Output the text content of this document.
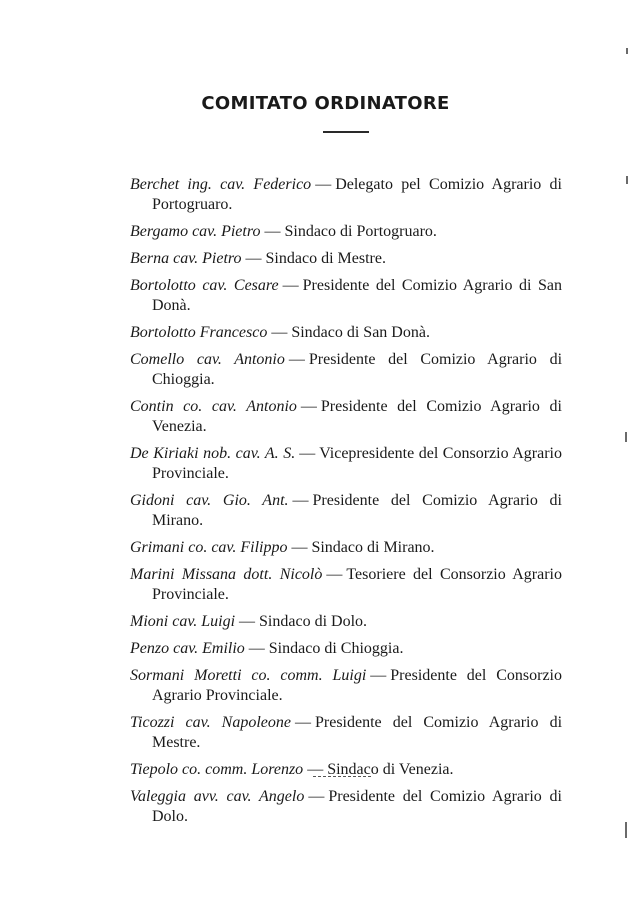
COMITATO ORDINATORE
Berchet ing. cav. Federico — Delegato pel Comizio Agrario di Portogruaro.
Bergamo cav. Pietro — Sindaco di Portogruaro.
Berna cav. Pietro — Sindaco di Mestre.
Bortolotto cav. Cesare — Presidente del Comizio Agrario di San Donà.
Bortolotto Francesco — Sindaco di San Donà.
Comello cav. Antonio — Presidente del Comizio Agrario di Chioggia.
Contin co. cav. Antonio — Presidente del Comizio Agrario di Venezia.
De Kiriaki nob. cav. A. S. — Vicepresidente del Consorzio Agrario Provinciale.
Gidoni cav. Gio. Ant. — Presidente del Comizio Agrario di Mirano.
Grimani co. cav. Filippo — Sindaco di Mirano.
Marini Missana dott. Nicolò — Tesoriere del Consorzio Agrario Provinciale.
Mioni cav. Luigi — Sindaco di Dolo.
Penzo cav. Emilio — Sindaco di Chioggia.
Sormani Moretti co. comm. Luigi — Presidente del Consorzio Agrario Provinciale.
Ticozzi cav. Napoleone — Presidente del Comizio Agrario di Mestre.
Tiepolo co. comm. Lorenzo — Sindaco di Venezia.
Valeggia avv. cav. Angelo — Presidente del Comizio Agrario di Dolo.
